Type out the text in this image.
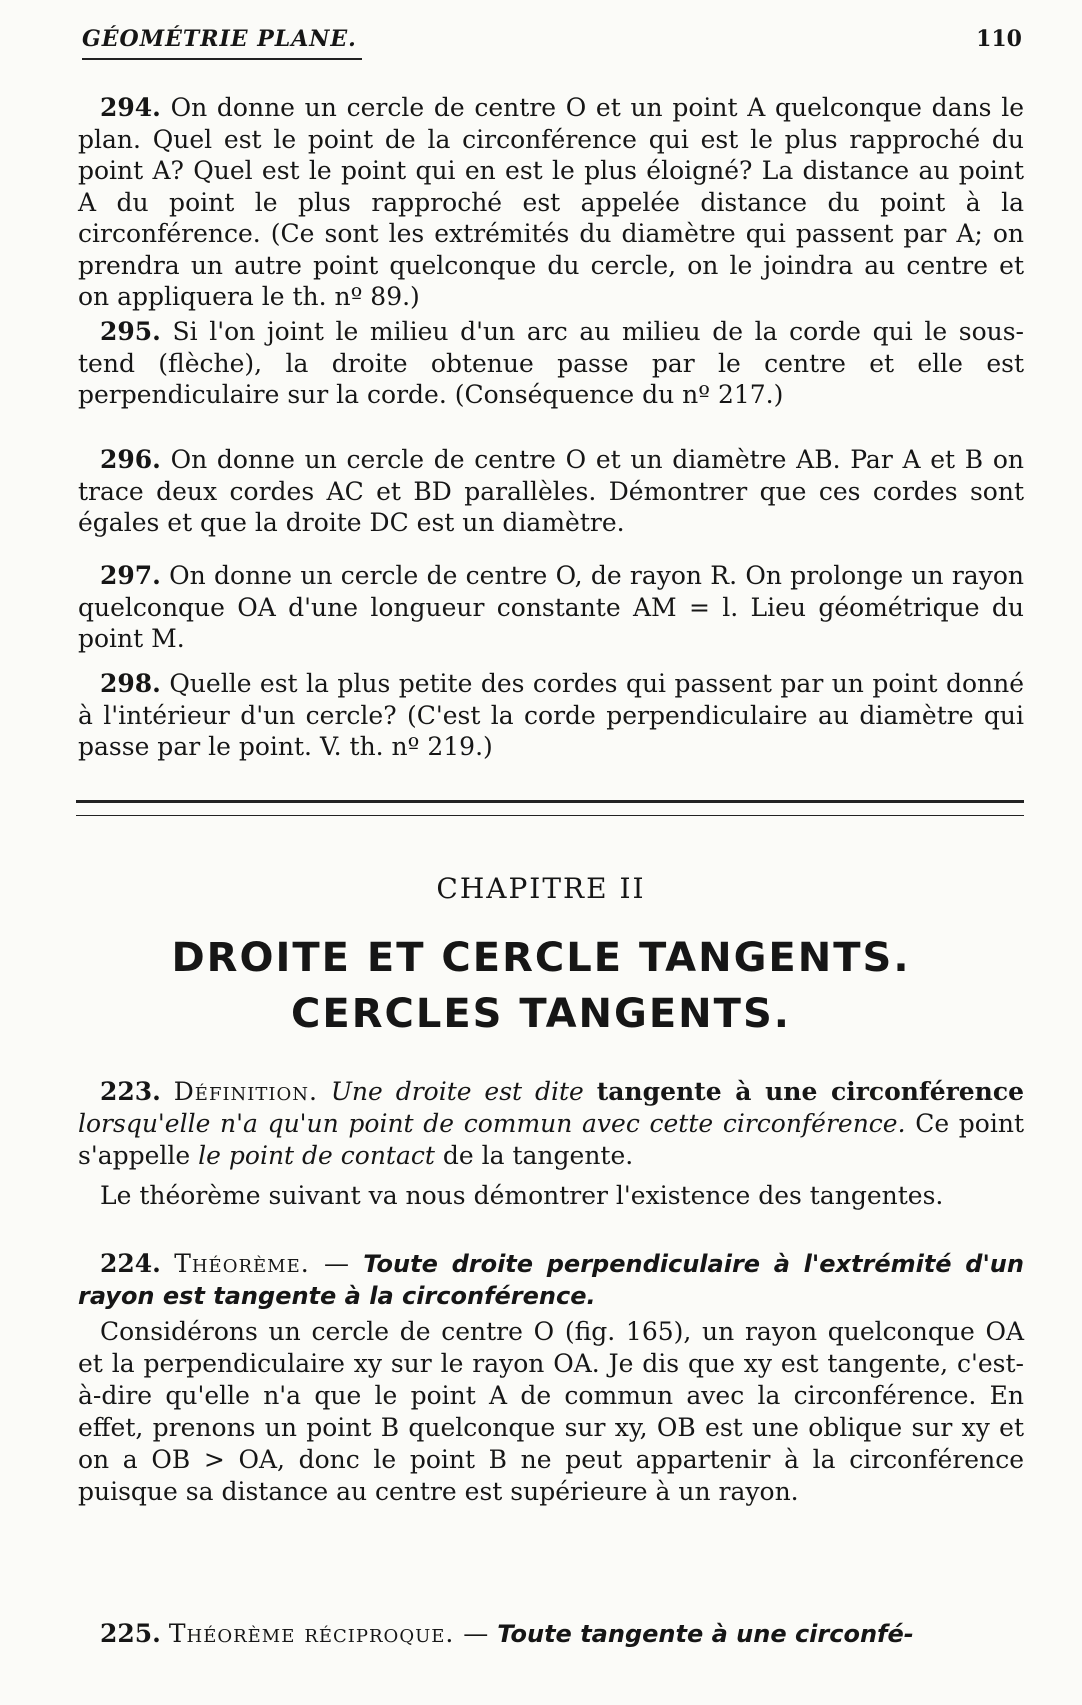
GÉOMÉTRIE PLANE.	110
294. On donne un cercle de centre O et un point A quelconque dans le plan. Quel est le point de la circonférence qui est le plus rapproché du point A? Quel est le point qui en est le plus éloigné? La distance au point A du point le plus rapproché est appelée distance du point à la circonférence. (Ce sont les extrémités du diamètre qui passent par A; on prendra un autre point quelconque du cercle, on le joindra au centre et on appliquera le th. nº 89.)
295. Si l'on joint le milieu d'un arc au milieu de la corde qui le sous-tend (flèche), la droite obtenue passe par le centre et elle est perpendiculaire sur la corde. (Conséquence du nº 217.)
296. On donne un cercle de centre O et un diamètre AB. Par A et B on trace deux cordes AC et BD parallèles. Démontrer que ces cordes sont égales et que la droite DC est un diamètre.
297. On donne un cercle de centre O, de rayon R. On prolonge un rayon quelconque OA d'une longueur constante AM = l. Lieu géométrique du point M.
298. Quelle est la plus petite des cordes qui passent par un point donné à l'intérieur d'un cercle? (C'est la corde perpendiculaire au diamètre qui passe par le point. V. th. nº 219.)
CHAPITRE II
DROITE ET CERCLE TANGENTS.
CERCLES TANGENTS.
223. Définition. Une droite est dite tangente à une circonférence lorsqu'elle n'a qu'un point de commun avec cette circonférence. Ce point s'appelle le point de contact de la tangente.
Le théorème suivant va nous démontrer l'existence des tangentes.
224. Théorème. — Toute droite perpendiculaire à l'extrémité d'un rayon est tangente à la circonférence.
Considérons un cercle de centre O (fig. 165), un rayon quelconque OA et la perpendiculaire xy sur le rayon OA. Je dis que xy est tangente, c'est-à-dire qu'elle n'a que le point A de commun avec la circonférence. En effet, prenons un point B quelconque sur xy, OB est une oblique sur xy et on a OB > OA, donc le point B ne peut appartenir à la circonférence puisque sa distance au centre est supérieure à un rayon.
225. Théorème réciproque. — Toute tangente à une circonfé-
